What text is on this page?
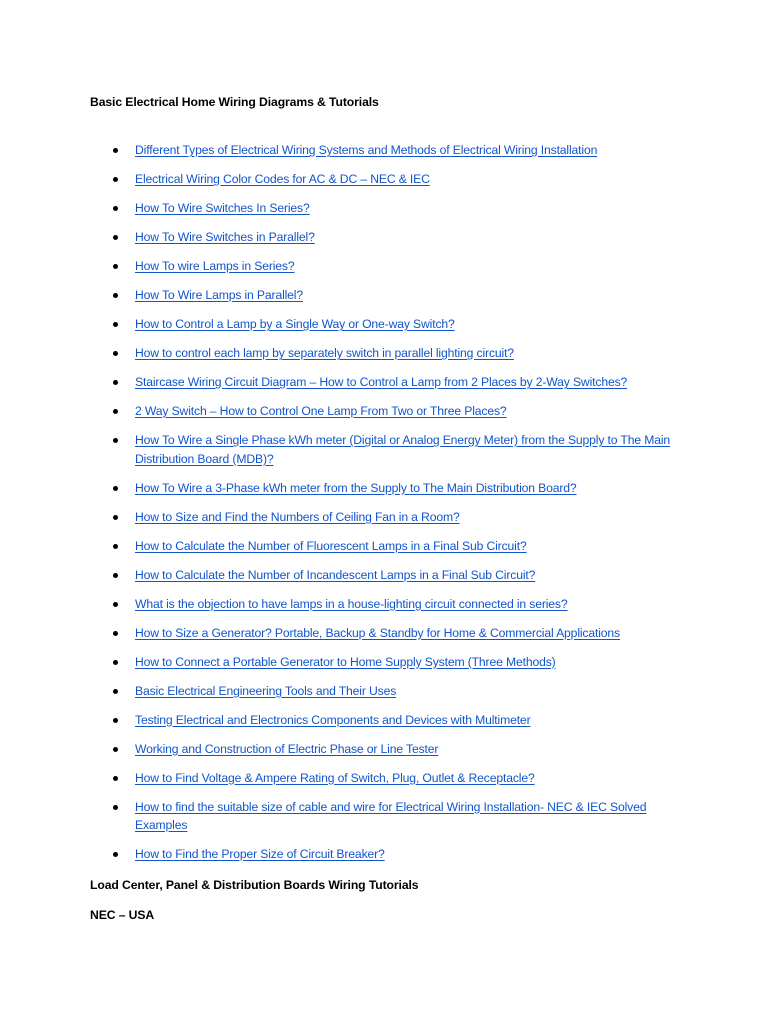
Basic Electrical Home Wiring Diagrams & Tutorials
Different Types of Electrical Wiring Systems and Methods of Electrical Wiring Installation
Electrical Wiring Color Codes for AC & DC – NEC & IEC
How To Wire Switches In Series?
How To Wire Switches in Parallel?
How To wire Lamps in Series?
How To Wire Lamps in Parallel?
How to Control a Lamp by a Single Way or One-way Switch?
How to control each lamp by separately switch in parallel lighting circuit?
Staircase Wiring Circuit Diagram – How to Control a Lamp from 2 Places by 2-Way Switches?
2 Way Switch – How to Control One Lamp From Two or Three Places?
How To Wire a Single Phase kWh meter (Digital or Analog Energy Meter) from the Supply to The Main Distribution Board (MDB)?
How To Wire a 3-Phase kWh meter from the Supply to The Main Distribution Board?
How to Size and Find the Numbers of Ceiling Fan in a Room?
How to Calculate the Number of Fluorescent Lamps in a Final Sub Circuit?
How to Calculate the Number of Incandescent Lamps in a Final Sub Circuit?
What is the objection to have lamps in a house-lighting circuit connected in series?
How to Size a Generator? Portable, Backup & Standby for Home & Commercial Applications
How to Connect a Portable Generator to Home Supply System (Three Methods)
Basic Electrical Engineering Tools and Their Uses
Testing Electrical and Electronics Components and Devices with Multimeter
Working and Construction of Electric Phase or Line Tester
How to Find Voltage & Ampere Rating of Switch, Plug, Outlet & Receptacle?
How to find the suitable size of cable and wire for Electrical Wiring Installation- NEC & IEC Solved Examples
How to Find the Proper Size of Circuit Breaker?
Load Center, Panel & Distribution Boards Wiring Tutorials
NEC – USA
